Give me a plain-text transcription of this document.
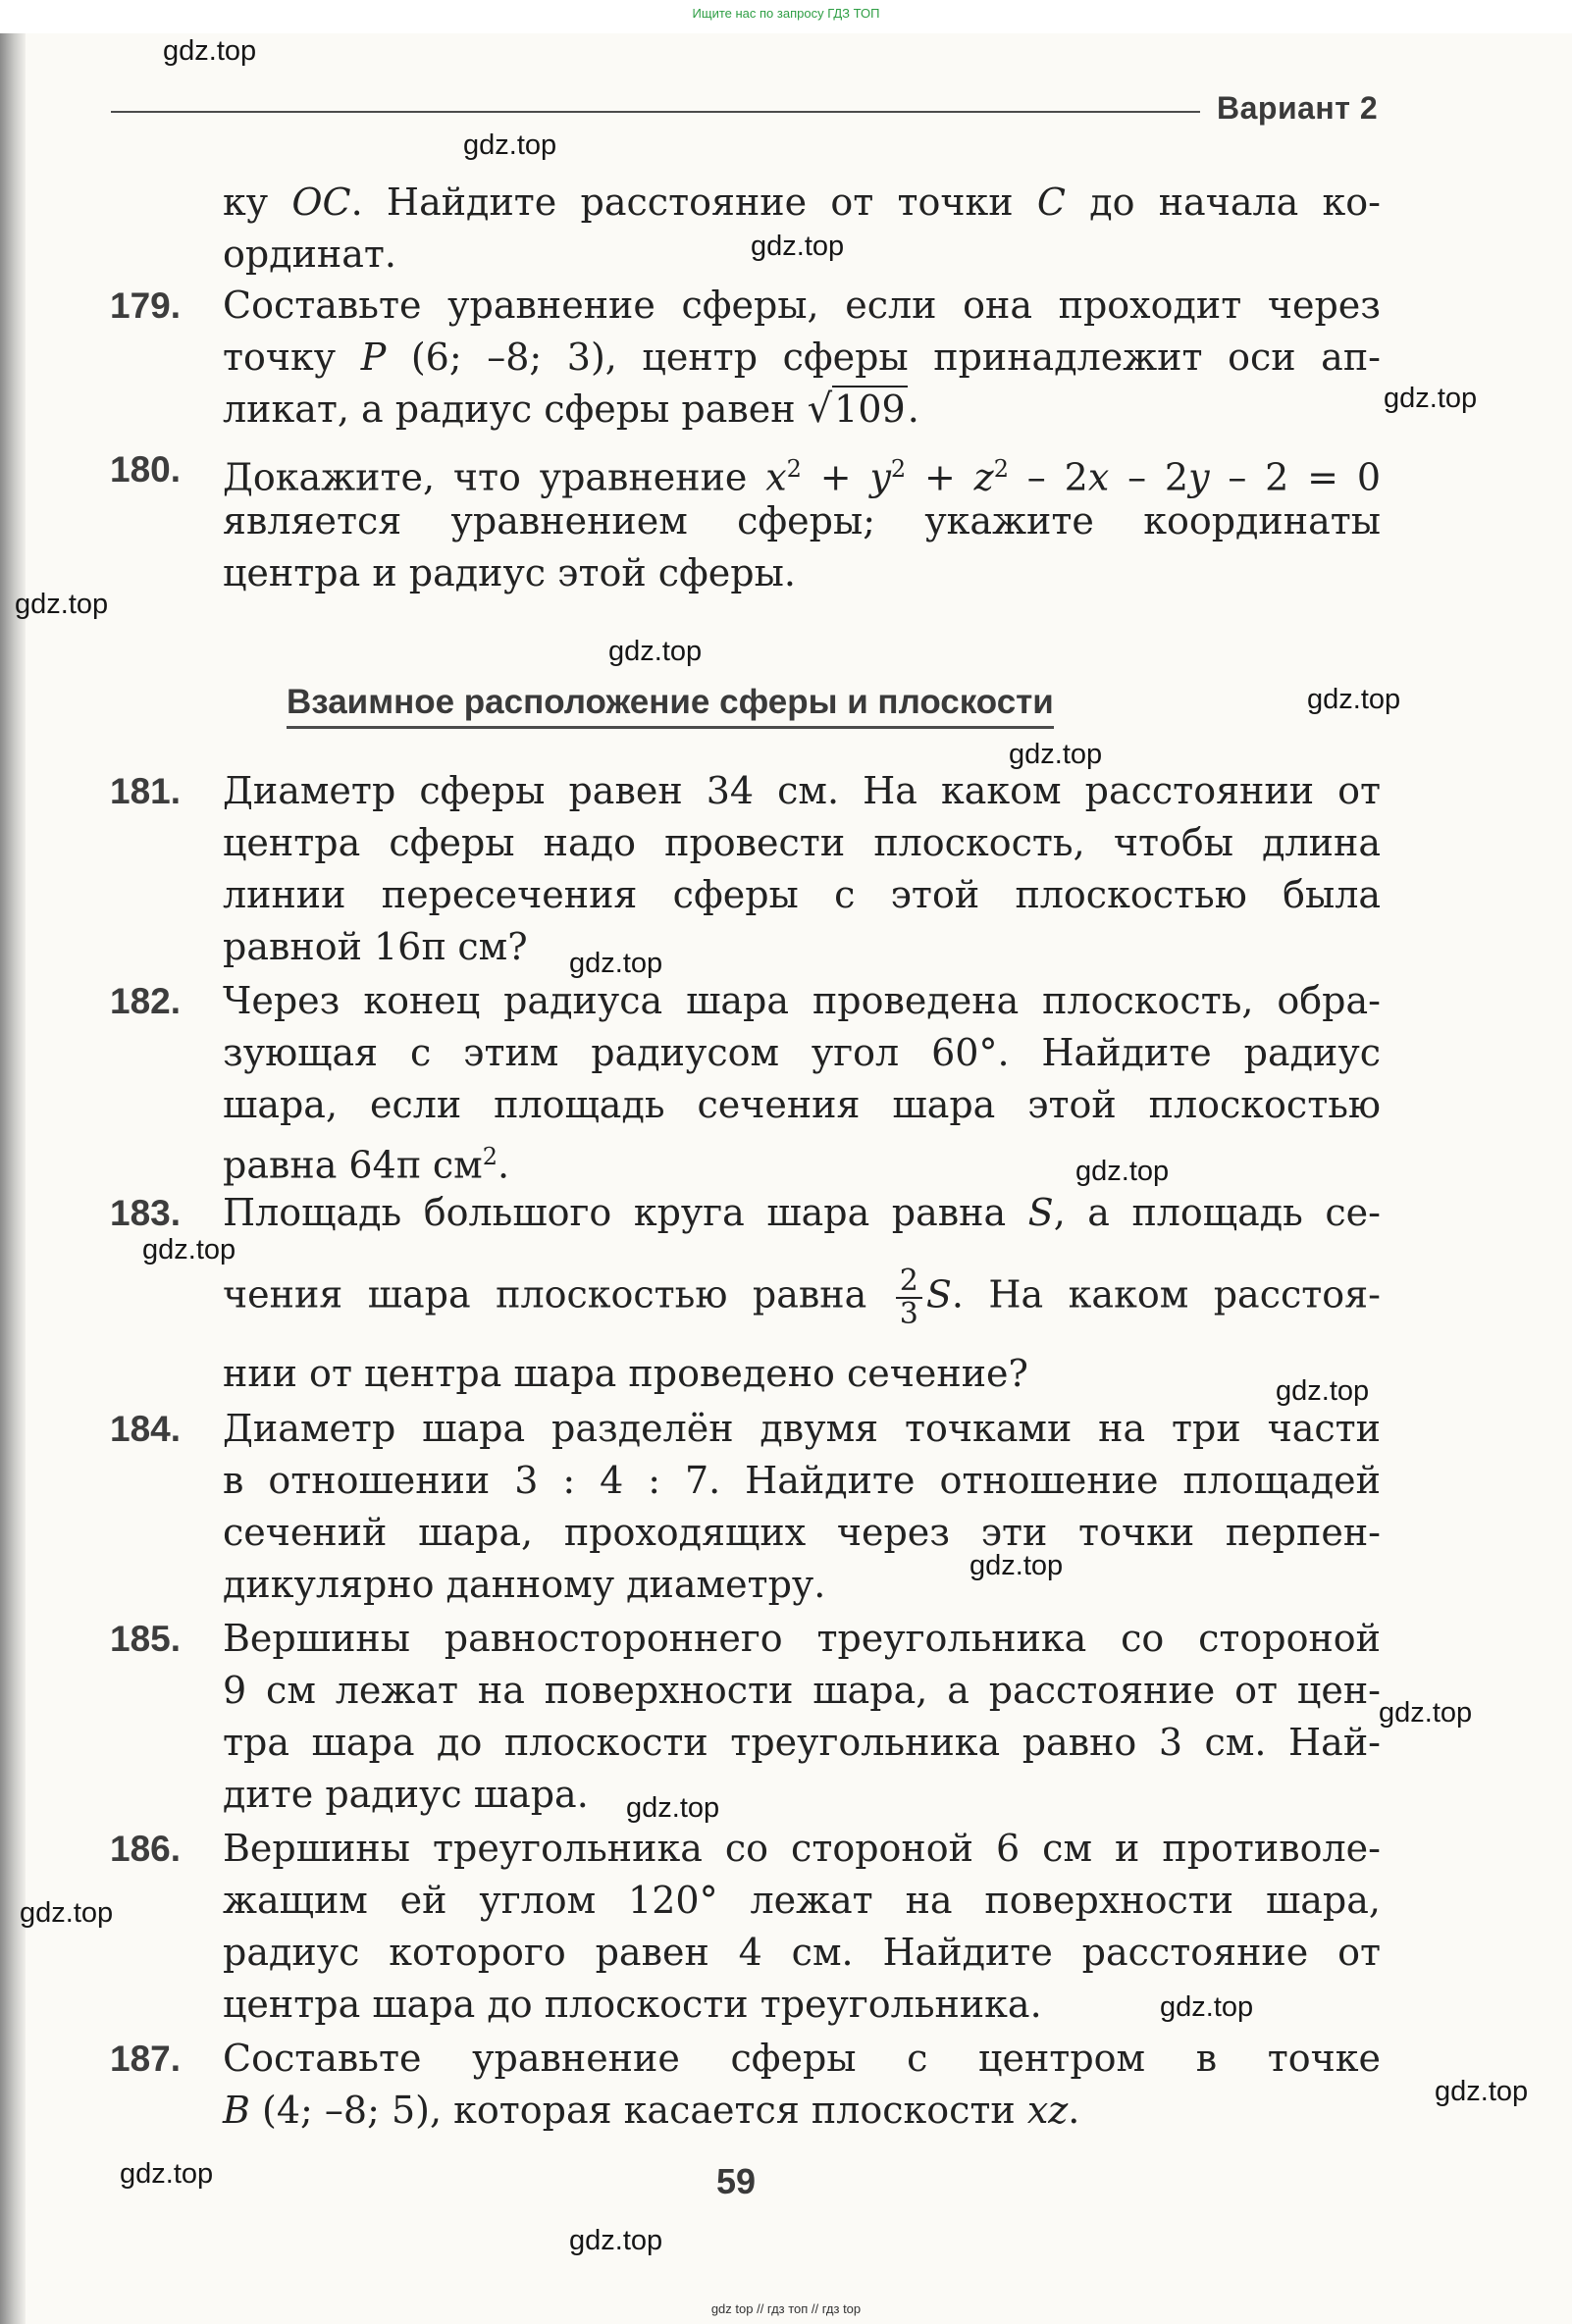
Ищите нас по запросу ГДЗ ТОП
Вариант 2
ку OC. Найдите расстояние от точки C до начала ко-
ординат.
179. Составьте уравнение сферы, если она проходит через
точку P (6; –8; 3), центр сферы принадлежит оси ап-
ликат, а радиус сферы равен √109.
180. Докажите, что уравнение $x^2 + y^2 + z^2 - 2x - 2y - 2 = 0$
является уравнением сферы; укажите координаты
центра и радиус этой сферы.
Взаимное расположение сферы и плоскости
181. Диаметр сферы равен 34 см. На каком расстоянии от
центра сферы надо провести плоскость, чтобы длина
линии пересечения сферы с этой плоскостью была
равной 16π см?
182. Через конец радиуса шара проведена плоскость, обра-
зующая с этим радиусом угол 60°. Найдите радиус
шара, если площадь сечения шара этой плоскостью
равна 64π $см^2$.
183. Площадь большого круга шара равна S, а площадь се-
чения шара плоскостью равна $\frac{2}{3} S$. На каком расстоя-
нии от центра шара проведено сечение?
184. Диаметр шара разделён двумя точками на три части
в отношении 3 : 4 : 7. Найдите отношение площадей
сечений шара, проходящих через эти точки перпен-
дикулярно данному диаметру.
185. Вершины равностороннего треугольника со стороной
9 см лежат на поверхности шара, а расстояние от цен-
тра шара до плоскости треугольника равно 3 см. Най-
дите радиус шара.
186. Вершины треугольника со стороной 6 см и противоле-
жащим ей углом 120° лежат на поверхности шара,
радиус которого равен 4 см. Найдите расстояние от
центра шара до плоскости треугольника.
187. Составьте уравнение сферы с центром в точке
B (4; –8; 5), которая касается плоскости xz.
59
gdz.top
gdz.top
gdz.top
gdz.top
gdz.top
gdz.top
gdz.top
gdz.top
gdz.top
gdz.top
gdz.top
gdz.top
gdz.top
gdz.top
gdz.top
gdz.top
gdz.top
gdz.top
gdz.top
gdz.top
gdz top // гдз топ // гдз top
